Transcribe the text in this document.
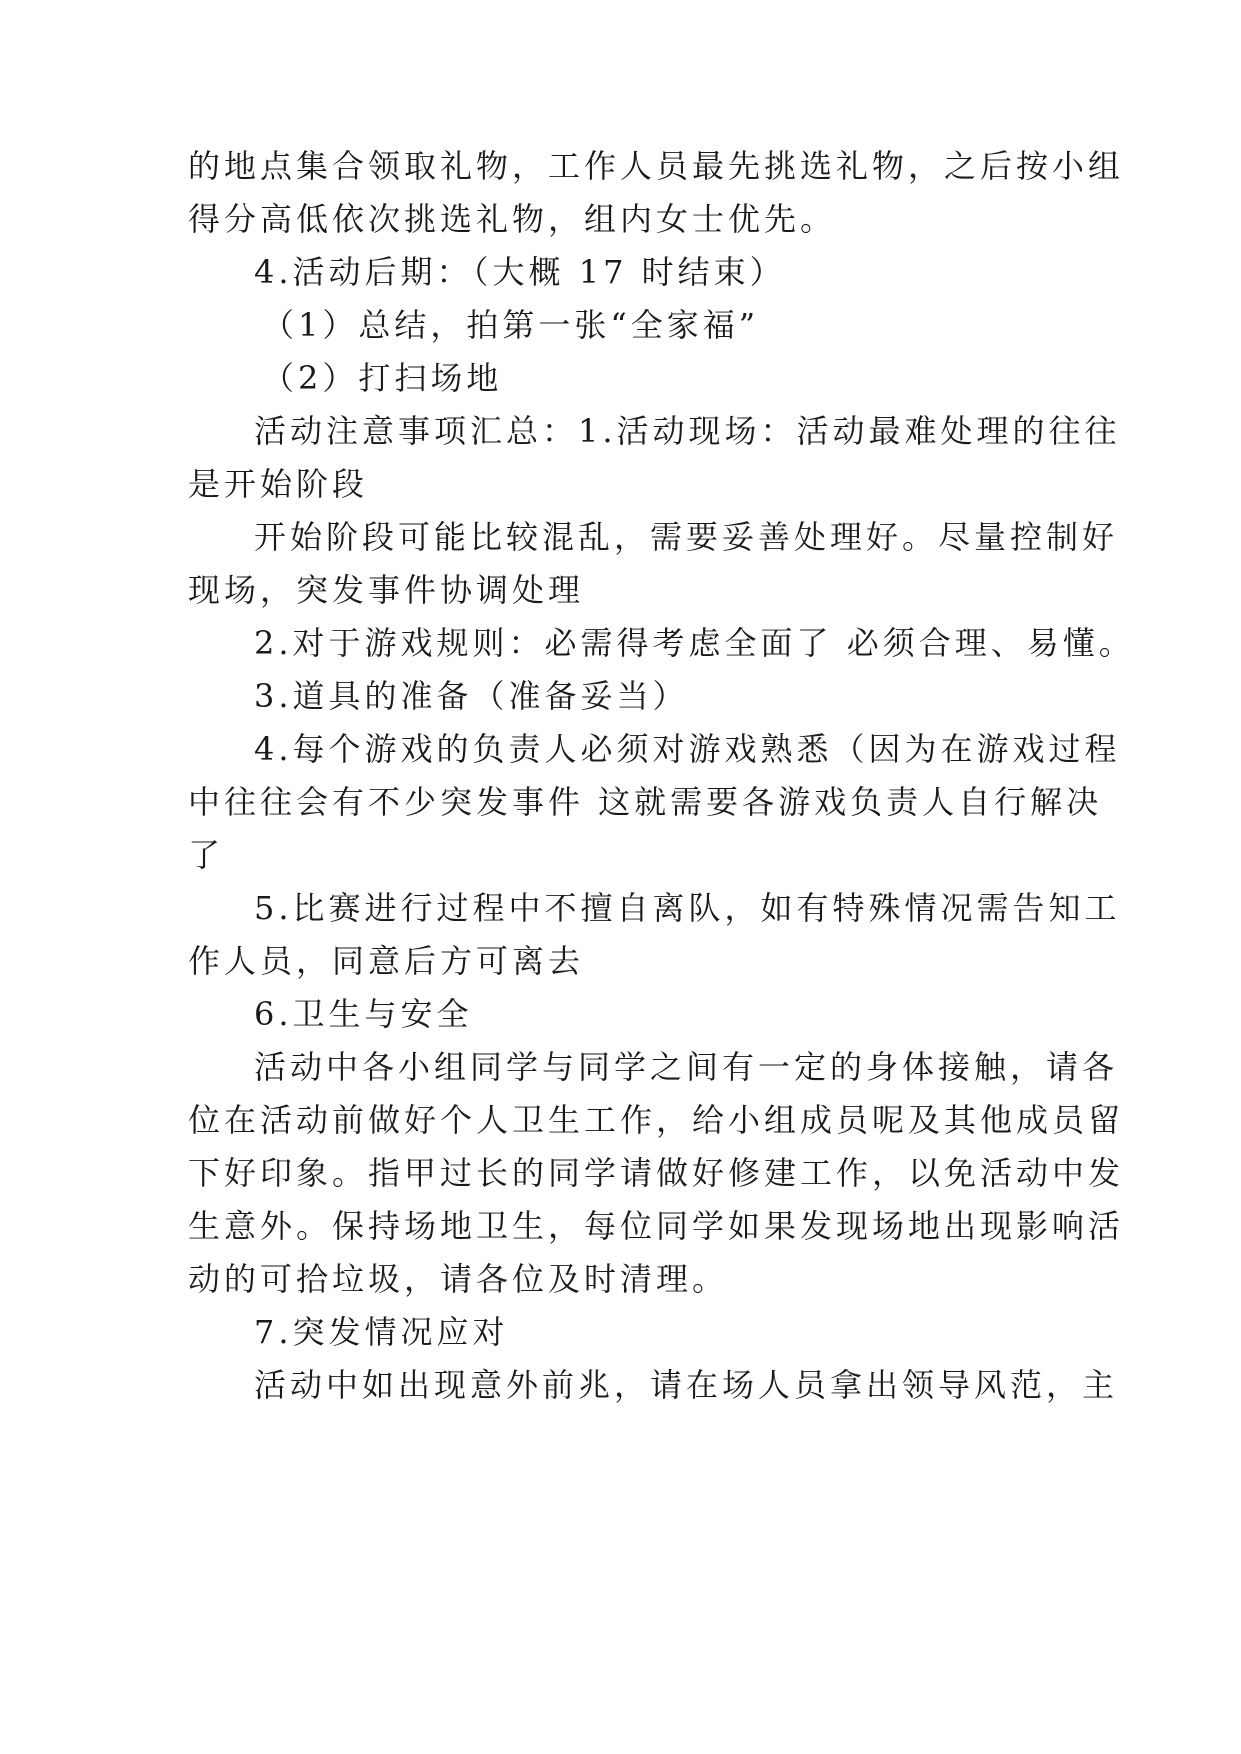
的地点集合领取礼物，工作人员最先挑选礼物，之后按小组
得分高低依次挑选礼物，组内女士优先。
4.活动后期：（大概 17 时结束）
（1）总结，拍第一张“全家福”
（2）打扫场地
活动注意事项汇总：1.活动现场：活动最难处理的往往
是开始阶段
开始阶段可能比较混乱，需要妥善处理好。尽量控制好
现场，突发事件协调处理
2.对于游戏规则：必需得考虑全面了 必须合理、易懂。
3.道具的准备（准备妥当）
4.每个游戏的负责人必须对游戏熟悉（因为在游戏过程
中往往会有不少突发事件 这就需要各游戏负责人自行解决
了
5.比赛进行过程中不擅自离队，如有特殊情况需告知工
作人员，同意后方可离去
6.卫生与安全
活动中各小组同学与同学之间有一定的身体接触，请各
位在活动前做好个人卫生工作，给小组成员呢及其他成员留
下好印象。指甲过长的同学请做好修建工作，以免活动中发
生意外。保持场地卫生，每位同学如果发现场地出现影响活
动的可拾垃圾，请各位及时清理。
7.突发情况应对
活动中如出现意外前兆，请在场人员拿出领导风范，主
